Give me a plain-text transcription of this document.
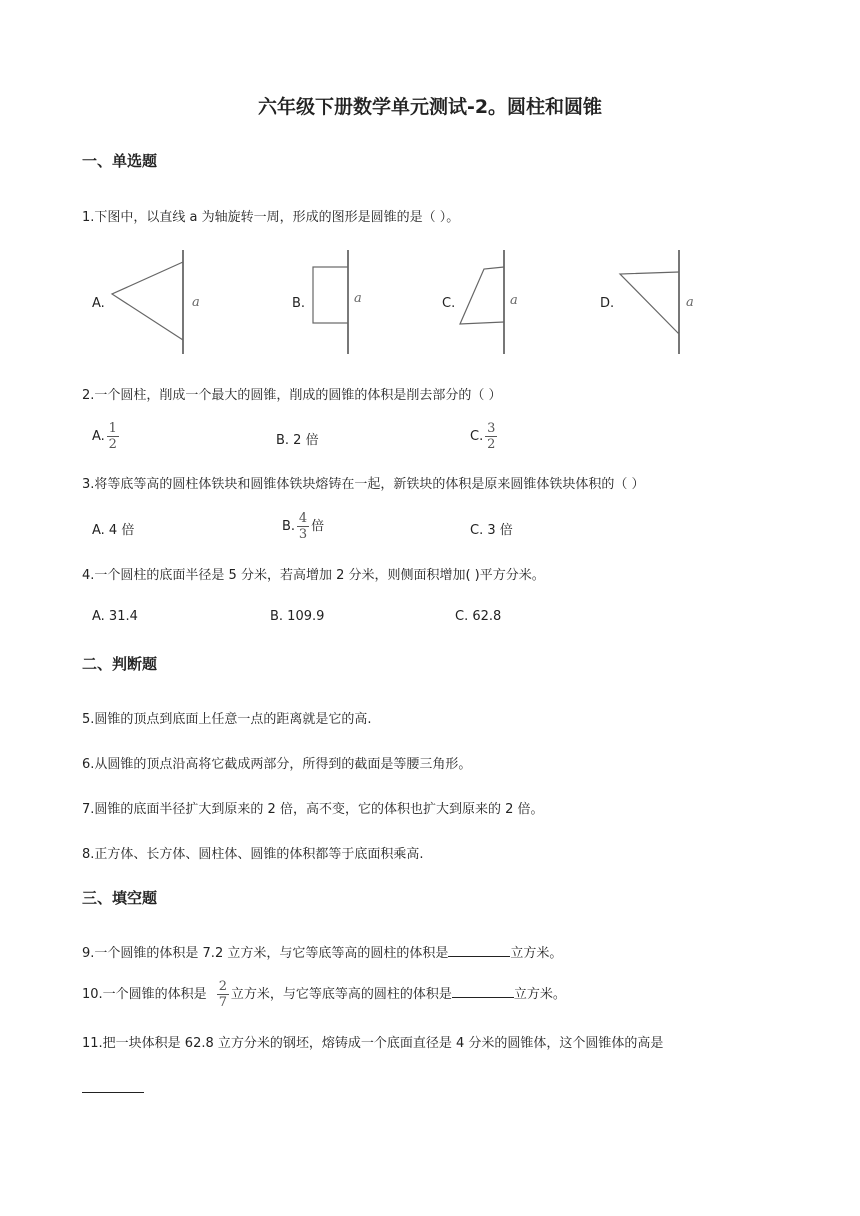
六年级下册数学单元测试-2。圆柱和圆锥
一、单选题
1.下图中，以直线 a 为轴旋转一周，形成的图形是圆锥的是（ ）。
A.	a	B.	a	C.	a	D.	a
2.一个圆柱，削成一个最大的圆锥，削成的圆锥的体积是削去部分的（ ）
A. $\frac{1}{2}$	B. 2 倍	C. $\frac{3}{2}$
3.将等底等高的圆柱体铁块和圆锥体铁块熔铸在一起，新铁块的体积是原来圆锥体铁块体积的（ ）
A. 4 倍	B. $\frac{4}{3}$ 倍	C. 3 倍
4.一个圆柱的底面半径是 5 分米，若高增加 2 分米，则侧面积增加( )平方分米。
A. 31.4	B. 109.9	C. 62.8
二、判断题
5.圆锥的顶点到底面上任意一点的距离就是它的高.
6.从圆锥的顶点沿高将它截成两部分，所得到的截面是等腰三角形。
7.圆锥的底面半径扩大到原来的 2 倍，高不变，它的体积也扩大到原来的 2 倍。
8.正方体、长方体、圆柱体、圆锥的体积都等于底面积乘高.
三、填空题
9.一个圆锥的体积是 7.2 立方米，与它等底等高的圆柱的体积是	立方米。
10.一个圆锥的体积是 $\frac{2}{7}$ 立方米，与它等底等高的圆柱的体积是	立方米。
11.把一块体积是 62.8 立方分米的钢坯，熔铸成一个底面直径是 4 分米的圆锥体，这个圆锥体的高是
